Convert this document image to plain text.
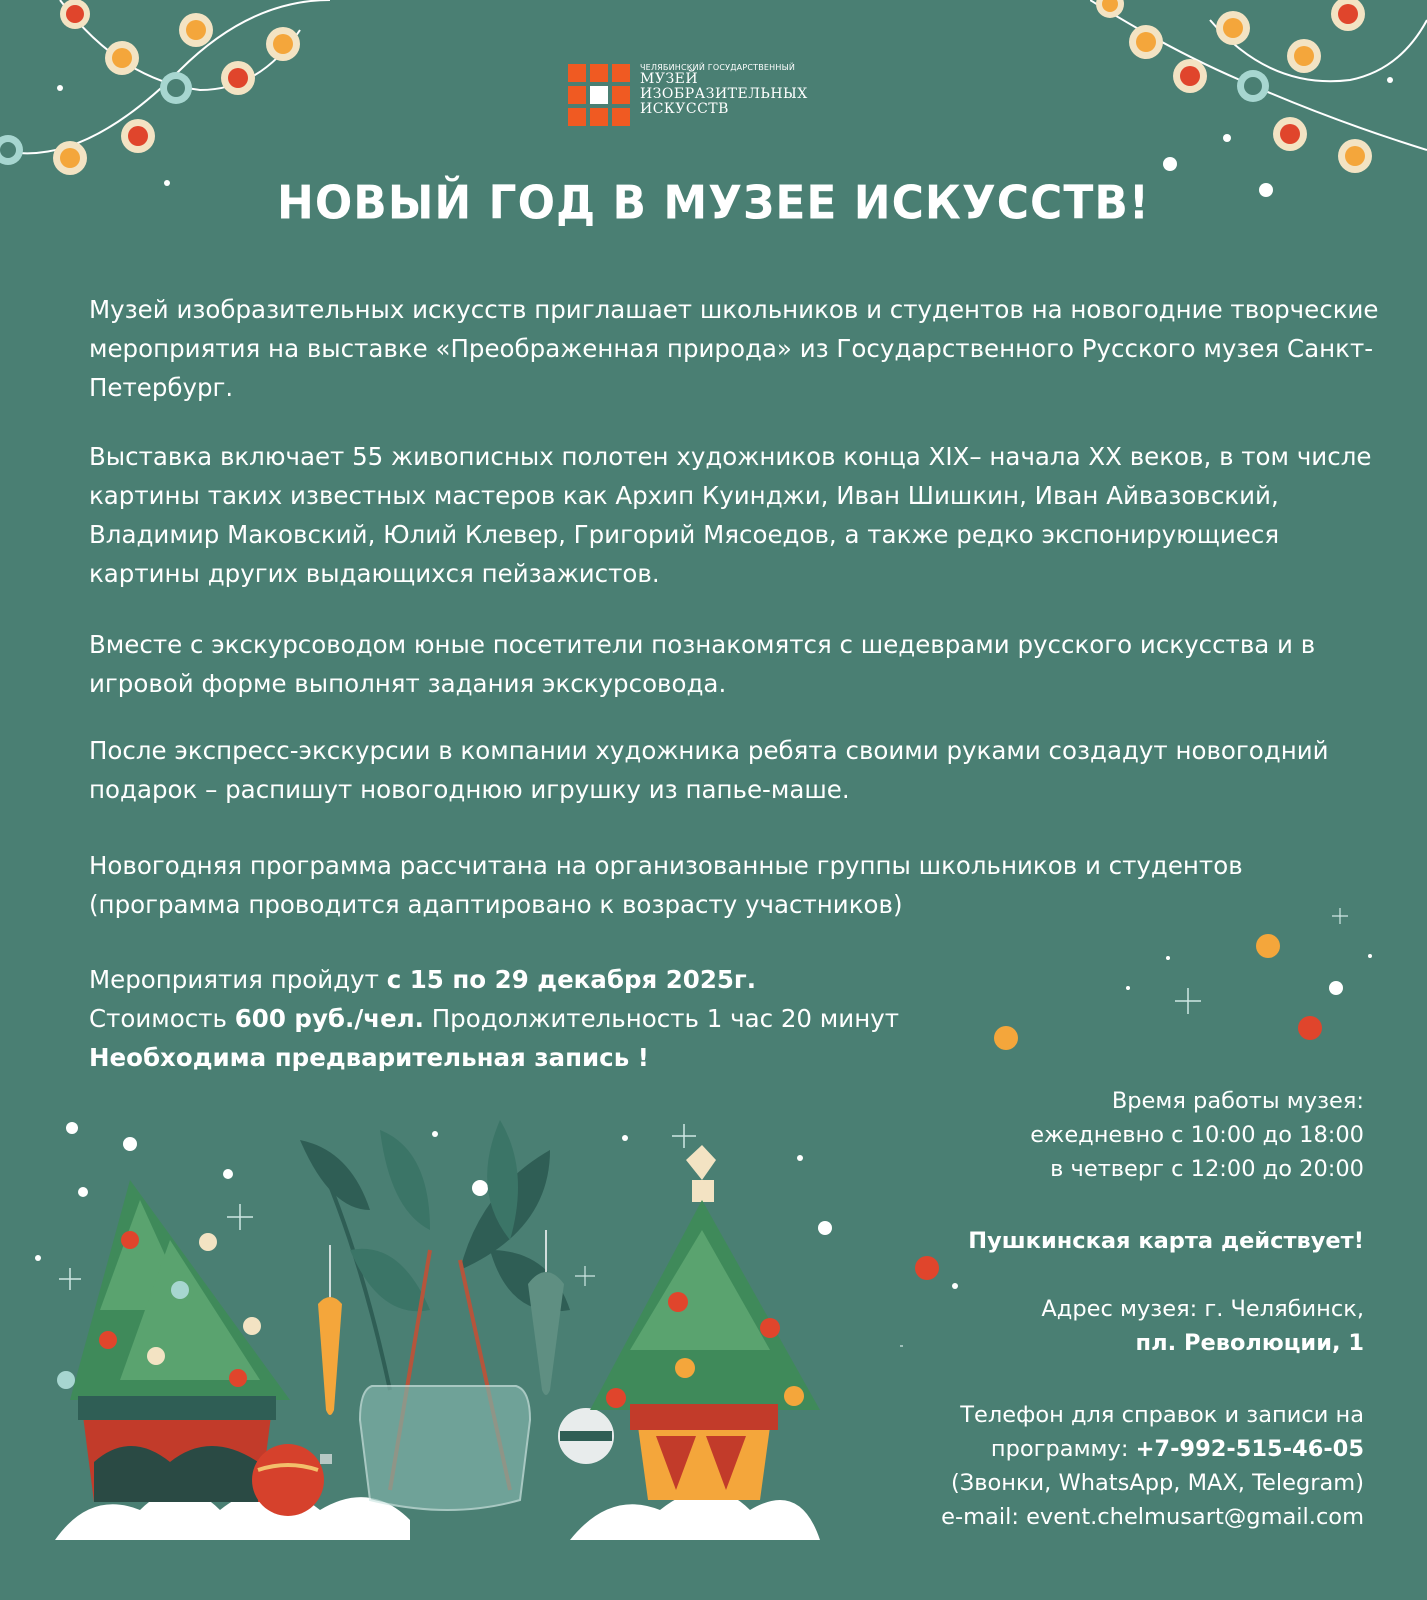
ЧЕЛЯБИНСКИЙ ГОСУДАРСТВЕННЫЙ
МУЗЕЙ
ИЗОБРАЗИТЕЛЬНЫХ
ИСКУССТВ
НОВЫЙ ГОД В МУЗЕЕ ИСКУССТВ!

Музей изобразительных искусств приглашает школьников и студентов на новогодние творческие мероприятия на выставке «Преображенная природа» из Государственного Русского музея Санкт-Петербург.

Выставка включает 55 живописных полотен художников конца XIX– начала XX веков, в том числе картины таких известных мастеров как Архип Куинджи, Иван Шишкин, Иван Айвазовский, Владимир Маковский, Юлий Клевер, Григорий Мясоедов, а также редко экспонирующиеся картины других выдающихся пейзажистов.

Вместе с экскурсоводом юные посетители познакомятся с шедеврами русского искусства и в игровой форме выполнят задания экскурсовода.

После экспресс-экскурсии в компании художника ребята своими руками создадут новогодний подарок – распишут новогоднюю игрушку из папье-маше.

Новогодняя программа рассчитана на организованные группы школьников и студентов (программа проводится адаптировано к возрасту участников)

Мероприятия пройдут с 15 по 29 декабря 2025г.
Стоимость 600 руб./чел. Продолжительность 1 час 20 минут
Необходима предварительная запись !
Время работы музея:
ежедневно с 10:00 до 18:00
в четверг с 12:00 до 20:00
Пушкинская карта действует!
Адрес музея: г. Челябинск,
пл. Революции, 1
Телефон для справок и записи на
программу: +7-992-515-46-05
(Звонки, WhatsApp, MAX, Telegram)
e-mail: event.chelmusart@gmail.com
